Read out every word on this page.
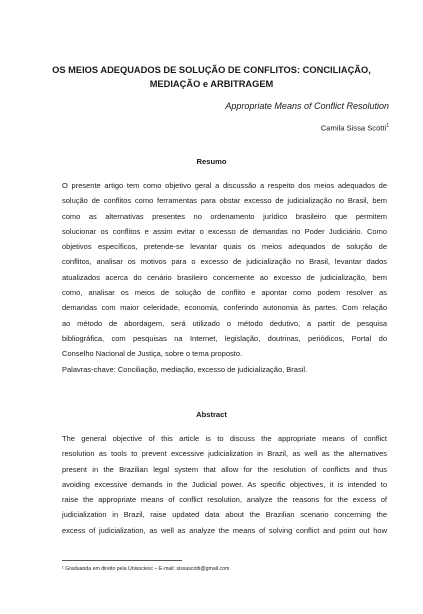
OS MEIOS ADEQUADOS DE SOLUÇÃO DE CONFLITOS: CONCILIAÇÃO,
MEDIAÇÃO e ARBITRAGEM
Appropriate Means of Conflict Resolution
Camila Sissa Scotti$^1$
Resumo
O presente artigo tem como objetivo geral a discussão a respeito dos meios adequados de
solução de conflitos como ferramentas para obstar excesso de judicialização no Brasil, bem
como as alternativas presentes no ordenamento jurídico brasileiro que permitem
solucionar os conflitos e assim evitar o excesso de demandas no Poder Judiciário. Como
objetivos específicos, pretende-se levantar quais os meios adequados de solução de
conflitos, analisar os motivos para o excesso de judicialização no Brasil, levantar dados
atualizados acerca do cenário brasileiro concernente ao excesso de judicialização, bem
como, analisar os meios de solução de conflito e apontar como podem resolver as
demandas com maior celeridade, economia, conferindo autonomia às partes. Com relação
ao método de abordagem, será utilizado o método dedutivo, a partir de pesquisa
bibliográfica, com pesquisas na Internet, legislação, doutrinas, periódicos, Portal do
Conselho Nacional de Justiça, sobre o tema proposto.
Palavras-chave: Conciliação, mediação, excesso de judicialização, Brasil.
Abstract
The general objective of this article is to discuss the appropriate means of conflict
resolution as tools to prevent excessive judicialization in Brazil, as well as the alternatives
present in the Brazilian legal system that allow for the resolution of conflicts and thus
avoiding excessive demands in the Judicial power. As specific objectives, it is intended to
raise the appropriate means of conflict resolution, analyze the reasons for the excess of
judicialization in Brazil, raise updated data about the Brazilian scenario concerning the
excess of judicialization, as well as analyze the means of solving conflict and point out how
¹ Graduanda em direito pela Unisociesc – E-mail: sissascotti@gmail.com
